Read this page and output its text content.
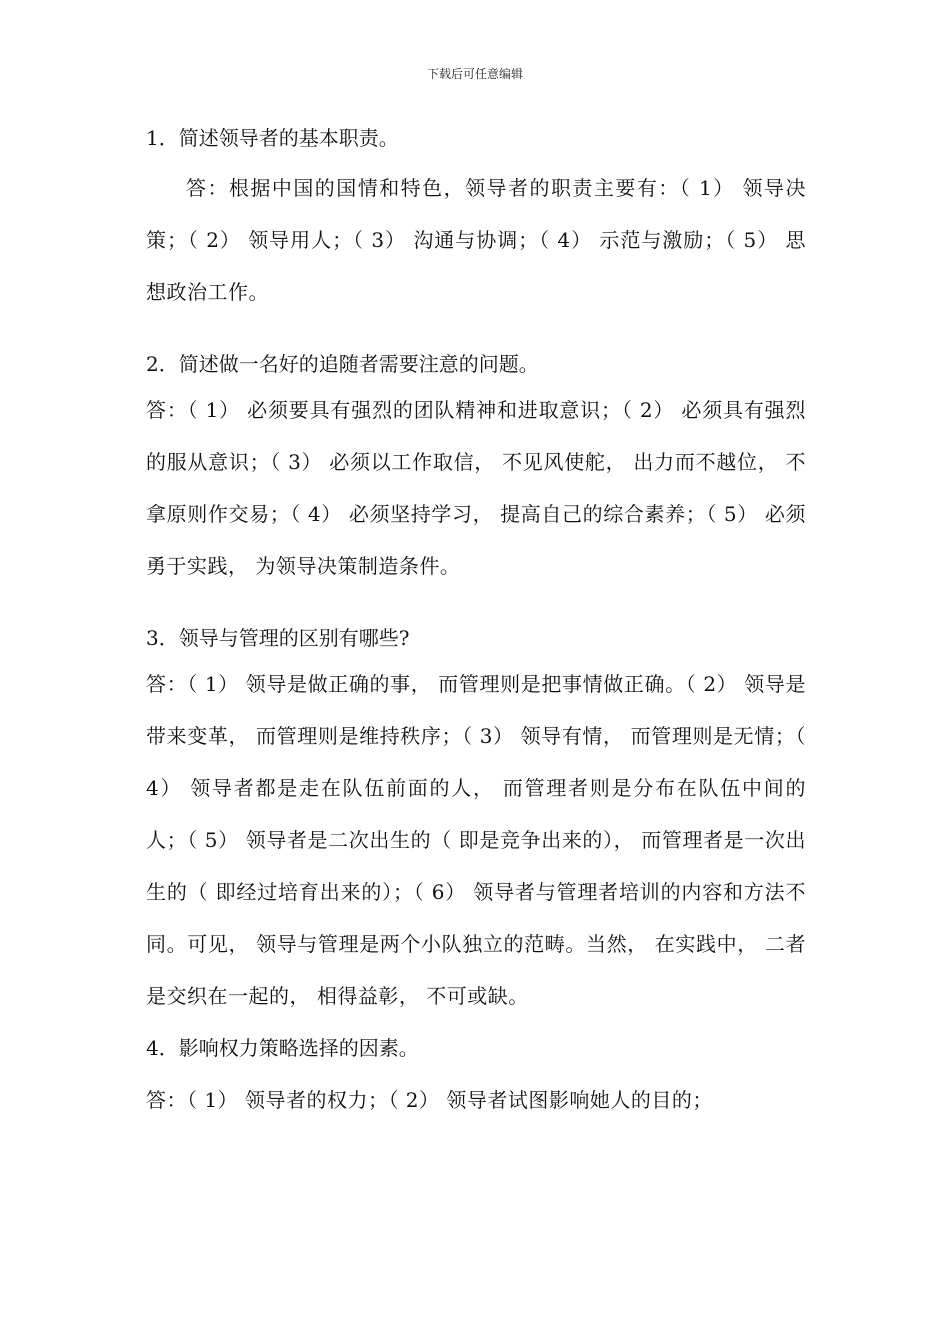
下载后可任意编辑

1．简述领导者的基本职责。

答：根据中国的国情和特色，领导者的职责主要有：（ 1） 领导决策；（ 2） 领导用人；（ 3） 沟通与协调；（ 4） 示范与激励；（ 5） 思想政治工作。

2．简述做一名好的追随者需要注意的问题。

答：（ 1） 必须要具有强烈的团队精神和进取意识；（ 2） 必须具有强烈的服从意识；（ 3） 必须以工作取信， 不见风使舵， 出力而不越位， 不拿原则作交易；（ 4） 必须坚持学习， 提高自己的综合素养；（ 5） 必须勇于实践， 为领导决策制造条件。

3．领导与管理的区别有哪些?

答：（ 1） 领导是做正确的事， 而管理则是把事情做正确。（ 2） 领导是带来变革， 而管理则是维持秩序；（ 3） 领导有情， 而管理则是无情；（ 4） 领导者都是走在队伍前面的人， 而管理者则是分布在队伍中间的人；（ 5） 领导者是二次出生的（ 即是竞争出来的）， 而管理者是一次出生的（ 即经过培育出来的）；（ 6） 领导者与管理者培训的内容和方法不同。可见， 领导与管理是两个小队独立的范畴。当然， 在实践中， 二者是交织在一起的， 相得益彰， 不可或缺。

4．影响权力策略选择的因素。

答：（ 1） 领导者的权力；（ 2） 领导者试图影响她人的目的；
